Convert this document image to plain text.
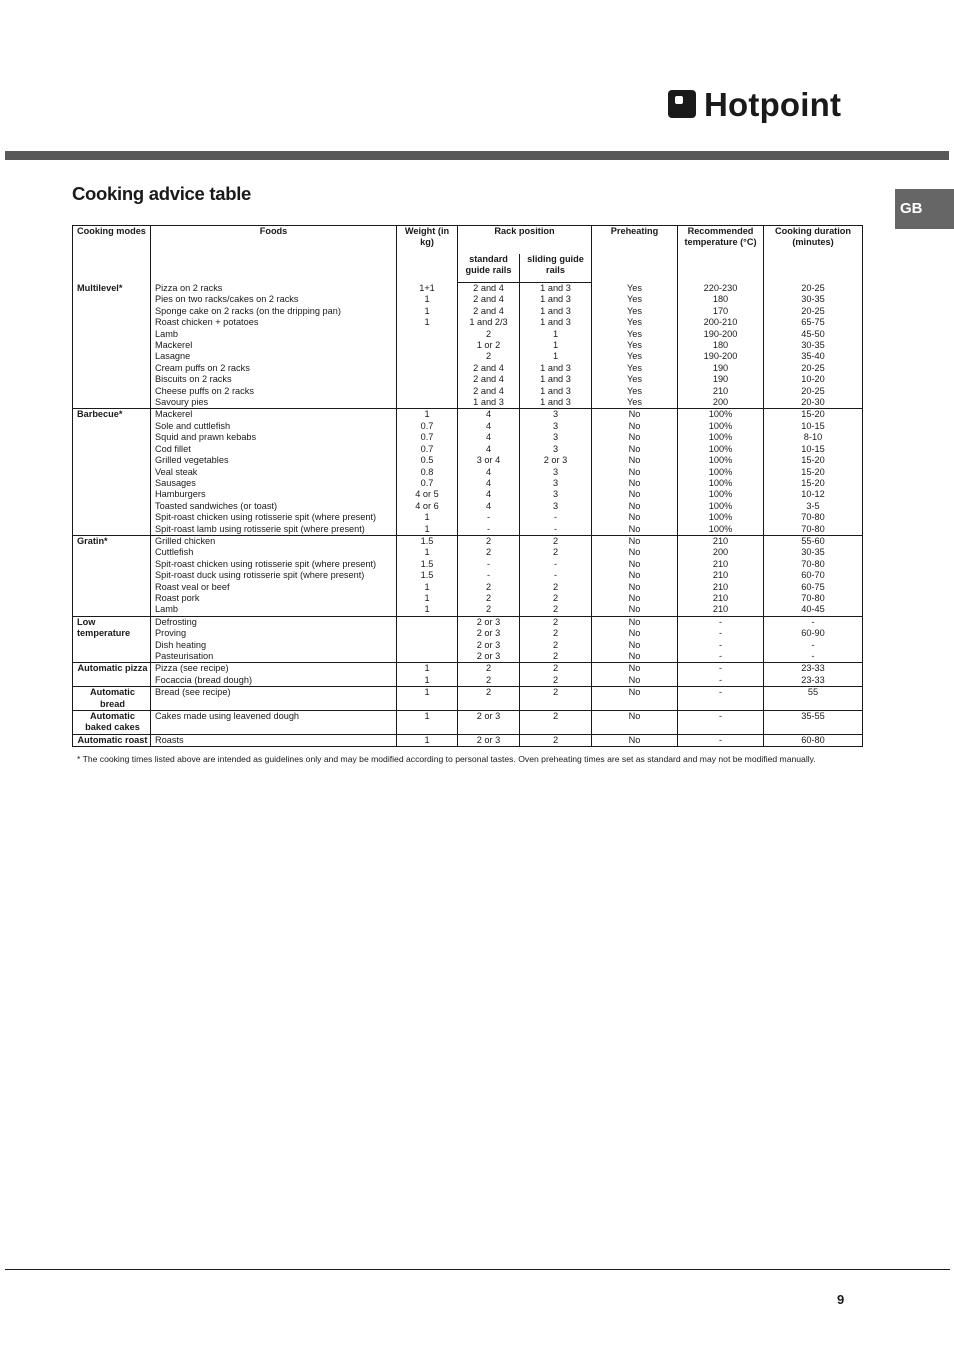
Hotpoint
GB
Cooking advice table
Cooking modes	Foods	Weight (in kg)	Rack position		Preheating	Recommended temperature (°C)	Cooking duration (minutes)
			standard guide rails	sliding guide rails			
Multilevel*	Pizza on 2 racks	1+1	2 and 4	1 and 3	Yes	220-230	20-25
	Pies on two racks/cakes on 2 racks	1	2 and 4	1 and 3	Yes	180	30-35
	Sponge cake on 2 racks (on the dripping pan)	1	2 and 4	1 and 3	Yes	170	20-25
	Roast chicken + potatoes	1	1 and 2/3	1 and 3	Yes	200-210	65-75
	Lamb		2	1	Yes	190-200	45-50
	Mackerel		1 or 2	1	Yes	180	30-35
	Lasagne		2	1	Yes	190-200	35-40
	Cream puffs on 2 racks		2 and 4	1 and 3	Yes	190	20-25
	Biscuits on 2 racks		2 and 4	1 and 3	Yes	190	10-20
	Cheese puffs on 2 racks		2 and 4	1 and 3	Yes	210	20-25
	Savoury pies		1 and 3	1 and 3	Yes	200	20-30
Barbecue*	Mackerel	1	4	3	No	100%	15-20
	Sole and cuttlefish	0.7	4	3	No	100%	10-15
	Squid and prawn kebabs	0.7	4	3	No	100%	8-10
	Cod fillet	0.7	4	3	No	100%	10-15
	Grilled vegetables	0.5	3 or 4	2 or 3	No	100%	15-20
	Veal steak	0.8	4	3	No	100%	15-20
	Sausages	0.7	4	3	No	100%	15-20
	Hamburgers	4 or 5	4	3	No	100%	10-12
	Toasted sandwiches (or toast)	4 or 6	4	3	No	100%	3-5
	Spit-roast chicken using rotisserie spit (where present)	1	-	-	No	100%	70-80
	Spit-roast lamb using rotisserie spit (where present)	1	-	-	No	100%	70-80
Gratin*	Grilled chicken	1.5	2	2	No	210	55-60
	Cuttlefish	1	2	2	No	200	30-35
	Spit-roast chicken using rotisserie spit (where present)	1.5	-	-	No	210	70-80
	Spit-roast duck using rotisserie spit (where present)	1.5	-	-	No	210	60-70
	Roast veal or beef	1	2	2	No	210	60-75
	Roast pork	1	2	2	No	210	70-80
	Lamb	1	2	2	No	210	40-45
Low temperature	Defrosting		2 or 3	2	No	-	-
	Proving		2 or 3	2	No	-	60-90
	Dish heating		2 or 3	2	No	-	-
	Pasteurisation		2 or 3	2	No	-	-
Automatic pizza	Pizza (see recipe)	1	2	2	No	-	23-33
	Focaccia (bread dough)	1	2	2	No	-	23-33
Automatic bread	Bread (see recipe)	1	2	2	No	-	55
Automatic baked cakes	Cakes made using leavened dough	1	2 or 3	2	No	-	35-55
Automatic roast	Roasts	1	2 or 3	2	No	-	60-80
* The cooking times listed above are intended as guidelines only and may be modified according to personal tastes. Oven preheating times are set as standard and may not be modified manually.
9
